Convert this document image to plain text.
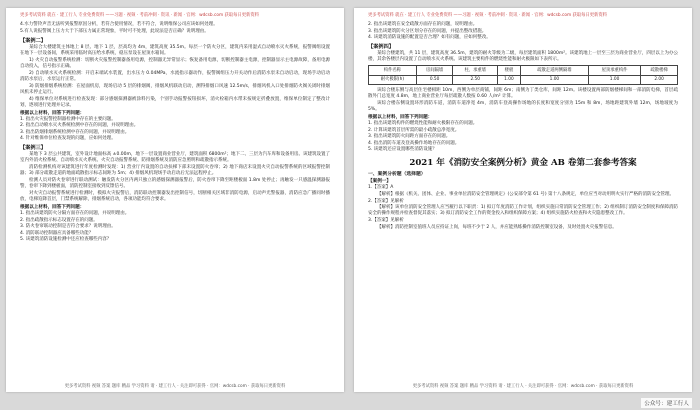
更多考试资料 就在 · 建工行人 专业免费资料 ——习题 · 视频 · 考前冲刺 · 资讯 · 新闻 · 官网：wdcsb.com 获取每日更新资料
4.水力警铃声音无法听到报警原因分析，若符合使用情况，若不符合，说明维保公司应该如何处理。
5.有人说报警阀上压力大于下部压力属正常现象，平时可不处理，此说法是否正确？说明理由。
【案例二】
某综合大楼建筑主体地上 8 层、地下 1 层，层高均为 4m，建筑高度 35.5m。每层一个防火分区，建筑内采用湿式自动喷水灭火系统，报警阀组设置在地下一层设备间，系统采用临时高压给水系统，稳压泵设在屋顶水箱间。
1) 火灾自动报警系统检测：切断火灾报警控制器备用电源，控制器无异常显示；恢复备用电源，切断控制器主电源，控制器显示主电源故障，备用电源自动投入，信号指示正确。
2) 自动喷水灭火系统检测：开启末端试水装置，出水压力 0.04MPa，水流指示器动作，报警阀组压力开关动作后消防水泵未自动启动，现场手动启动消防水泵后，水泵运行正常。
3) 防烟排烟系统检测：在屋面机房，现场启动 5 层的排烟阀，排烟风机联动启动，测得排烟口风速 12.5m/s，排烟风机入口处排烟防火阀关闭时排烟风机未停止运行。
4) 维保单位对系统进行检查发现：部分感烟探测器被涂料污染，个别手动报警按钮损坏，消火栓箱内水带未按规定折叠放置，维保单位制定了整改计划，逐项进行处理并记录。
根据以上材料，回答下列问题：
1. 指出火灾报警控制器检测中存在的主要问题。
2. 指出自动喷水灭火系统检测中存在的问题，并说明理由。
3. 指出防烟排烟系统检测中存在的问题，并说明理由。
4. 针对维保单位检查发现的问题，应如何处理。
【案例三】
某地下 3 层公共建筑，室外设计地面标高 ±0.00m，地下一层设置商业营业厅，建筑面积 6800m²；地下二、三层为汽车库和设备用房。该建筑设置了室内外消火栓系统、自动喷水灭火系统、火灾自动报警系统、防排烟系统及消防应急照明和疏散指示系统。
消防检测机构对该建筑进行年度检测时发现：1) 营业厅内设置的自动扶梯下部未设置防火卷帘；2) 地下商店未设置火灾自动报警系统的区域报警控制器；3) 部分疏散走道的地面疏散指示标志间距为 5m；4) 排烟风机现场手动启动后无法远程停止。
检测人员对防火卷帘进行联动测试：触发防火分区内两只独立的感烟探测器报警后，防火卷帘下降至距楼板面 1.8m 处停止；再触发一只感温探测器报警，卷帘下降到楼板面，消防控制室接收到反馈信号。
对火灾自动报警系统进行检测时，模拟火灾报警后，消防联动控制器发出控制信号，切断相关区域非消防电源，启动声光警报器，消防应急广播同时播放，电梯迫降首层，门禁系统解除，排烟系统启动，各项功能均符合要求。
根据以上材料，回答下列问题：
1. 指出该建筑防火分隔方面存在的问题，并说明理由。
2. 指出疏散指示标志设置存在的问题。
3. 防火卷帘联动控制是否符合要求？说明理由。
4. 消防联动控制器应具备哪些功能？
5. 该建筑消防设施检测中还应检查哪些内容？
更多考试资料 视频 答案 题库 精品 学习资料 请 · 建工行人 · 关注即可获得 · 官网：wdcsb.com · 获取每日更新资料
更多考试资料 就在 · 建工行人 专业免费资料 ——习题 · 视频 · 考前冲刺 · 资讯 · 新闻 · 官网：wdcsb.com 获取每日更新资料
2. 指出该建筑在安全疏散方面存在的问题，说明理由。
3. 指出该建筑防火分区划分存在的问题，并提出整改措施。
4. 该建筑消防设施的配置是否合理？如有问题，应如何整改。
【案例四】
某综合楼建筑，共 11 层，建筑高度 36.5m，建筑的耐火等级为二级，每层建筑面积 1800m²。该建筑地上一层至三层为商业营业厅，四层以上为办公楼，其余各楼层内设置了自动喷水灭火系统。该建筑主要构件的燃烧性能和耐火极限如下表所示。
构件名称	房间隔墙	柱、承重墙	楼板	疏散走道两侧隔墙	屋顶承重构件	疏散楼梯
耐火极限(h)	0.50	2.50	1.00	1.00	1.00	2.00
该综合楼东侧与高层住宅楼相距 10m，西侧为单层商铺，间距 6m；南侧为丁类仓库，间距 12m。该楼设置两部防烟楼梯间和一部消防电梯，首层疏散外门总宽度 4.8m，地上商业营业厅每层疏散人数按 0.60 人/m² 计算。
该综合楼东侧设置环形消防车道，消防车道净宽 4m，消防车登高操作场地的长度和宽度分别为 15m 和 8m，场地距建筑外墙 12m，场地坡度为 5%。
根据以上材料，回答下列问题：
1. 指出该建筑构件的燃烧性能和耐火极限存在的问题。
2. 计算该建筑首层所需的最小疏散总净宽度。
3. 指出该建筑防火间距方面存在的问题。
4. 指出消防车道及登高操作场地存在的问题。
5. 该建筑还应设置哪些消防设施？
2021 年《消防安全案例分析》黄金 AB 卷第二套参考答案
一、案例分析题（选择题）
【案例一】
1.【答案】A
【解析】根据《机关、团体、企业、事业单位消防安全管理规定》(公安部令第 61 号) 第十八条规定，单位应当对动用明火实行严格的消防安全管理。
2.【答案】见解析
【解析】该单位消防安全管理人应当履行以下职责：1) 拟订年度消防工作计划，组织实施日常消防安全管理工作；2) 组织制订消防安全制度和保障消防安全的操作规程并检查督促其落实；3) 拟订消防安全工作的资金投入和组织保障方案；4) 组织实施防火检查和火灾隐患整改工作。
3.【答案】见解析
【解析】消防控制室值班人员应持证上岗，每班不少于 2 人，并应能熟练操作消防控制室设备，及时处置火灾报警信息。
更多考试资料 视频 答案 题库 精品 学习资料 请 · 建工行人 · 关注即可获得 · 官网：wdcsb.com · 获取每日更新资料
公众号：建工行人
